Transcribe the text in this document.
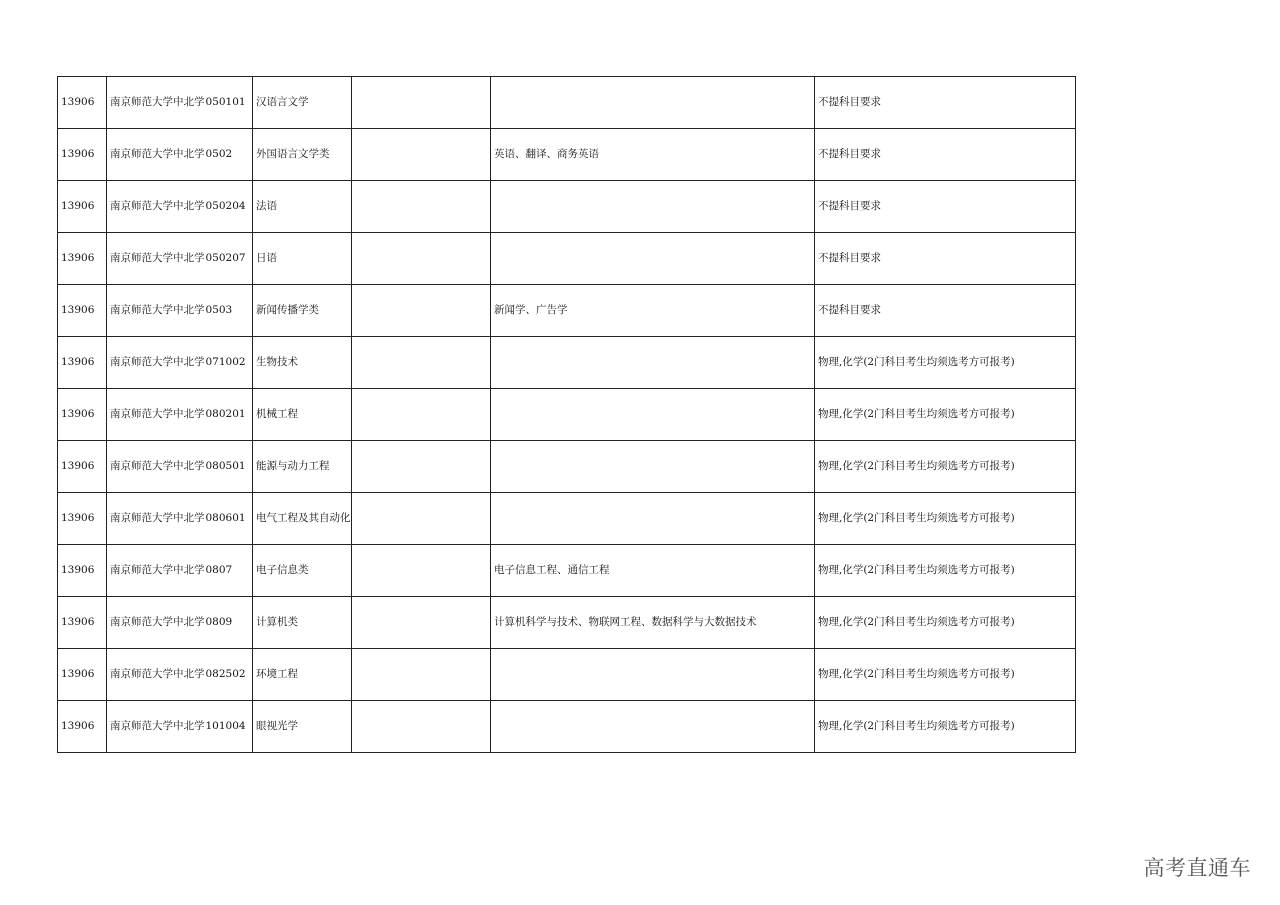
13906	南京师范大学中北学	050101	汉语言文学			不提科目要求
13906	南京师范大学中北学	0502	外国语言文学类		英语、翻译、商务英语	不提科目要求
13906	南京师范大学中北学	050204	法语			不提科目要求
13906	南京师范大学中北学	050207	日语			不提科目要求
13906	南京师范大学中北学	0503	新闻传播学类		新闻学、广告学	不提科目要求
13906	南京师范大学中北学	071002	生物技术			物理,化学(2门科目考生均须选考方可报考)
13906	南京师范大学中北学	080201	机械工程			物理,化学(2门科目考生均须选考方可报考)
13906	南京师范大学中北学	080501	能源与动力工程			物理,化学(2门科目考生均须选考方可报考)
13906	南京师范大学中北学	080601	电气工程及其自动化			物理,化学(2门科目考生均须选考方可报考)
13906	南京师范大学中北学	0807	电子信息类		电子信息工程、通信工程	物理,化学(2门科目考生均须选考方可报考)
13906	南京师范大学中北学	0809	计算机类		计算机科学与技术、物联网工程、数据科学与大数据技术	物理,化学(2门科目考生均须选考方可报考)
13906	南京师范大学中北学	082502	环境工程			物理,化学(2门科目考生均须选考方可报考)
13906	南京师范大学中北学	101004	眼视光学			物理,化学(2门科目考生均须选考方可报考)
高考直通车
